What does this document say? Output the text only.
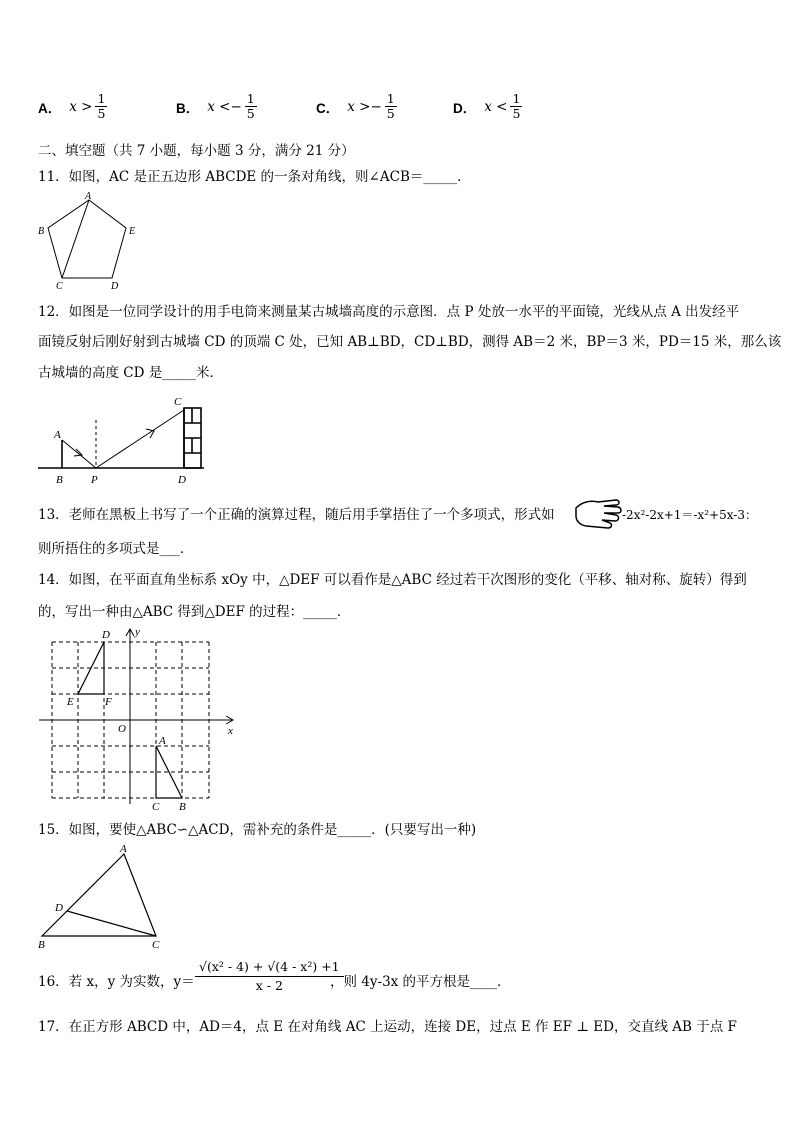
A． x
> $\frac{1}{5}$	B． x
< − $\frac{1}{5}$	C． x
> − $\frac{1}{5}$	D． x
< $\frac{1}{5}$
二、填空题（共 7 小题，每小题 3 分，满分 21 分）
11．如图，AC 是正五边形 ABCDE 的一条对角线，则∠ACB＝_____．
A
B	E
C	D
12．如图是一位同学设计的用手电筒来测量某古城墙高度的示意图．点 P 处放一水平的平面镜，光线从点 A 出发经平
面镜反射后刚好射到古城墙 CD 的顶端 C 处，已知 AB⊥BD，CD⊥BD，测得 AB＝2 米，BP＝3 米，PD＝15 米，那么该
古城墙的高度 CD 是_____米．
A
B	P
C
D
13．老师在黑板上书写了一个正确的演算过程，随后用手掌捂住了一个多项式，形式如	-2x²-2x+1＝-x²+5x-3：
则所捂住的多项式是___．
14．如图，在平面直角坐标系 xOy 中，△DEF 可以看作是△ABC 经过若干次图形的变化（平移、轴对称、旋转）得到
的，写出一种由△ABC 得到△DEF 的过程：_____．
D
E	F
O	x
y
A
C B
15．如图，要使△ABC∽△ACD，需补充的条件是_____．(只要写出一种)
A
D
B	C
16．若 x，y 为实数，$y= \frac{\text{√(x² - 4) + √(4 - x²) +1}}{x - 2}$
，则 4y-3x 的平方根是____．
17．在正方形 ABCD 中，AD＝4，点 E 在对角线 AC 上运动，连接 DE，过点 E 作 EF ⊥ ED，交直线 AB 于点 F
